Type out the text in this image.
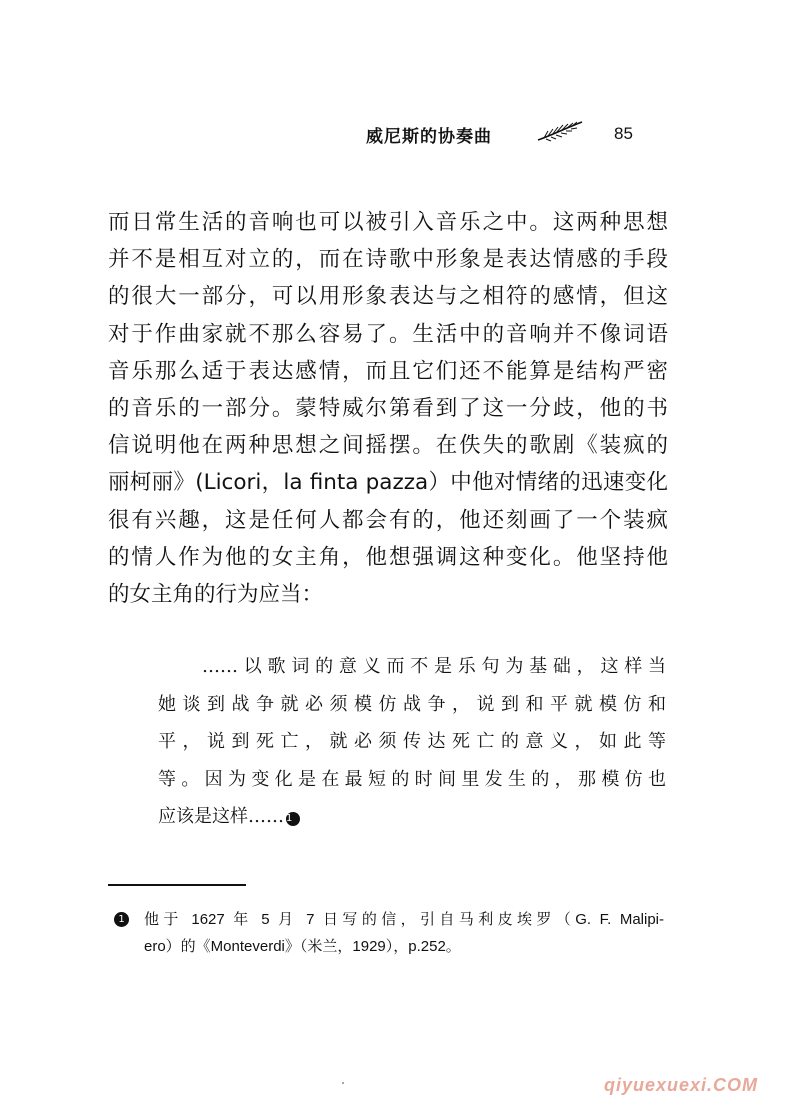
威尼斯的协奏曲	85
而日常生活的音响也可以被引入音乐之中。这两种思想
并不是相互对立的，而在诗歌中形象是表达情感的手段
的很大一部分，可以用形象表达与之相符的感情，但这
对于作曲家就不那么容易了。生活中的音响并不像词语
音乐那么适于表达感情，而且它们还不能算是结构严密
的音乐的一部分。蒙特威尔第看到了这一分歧，他的书
信说明他在两种思想之间摇摆。在佚失的歌剧《装疯的
丽柯丽》(Licori，la finta pazza）中他对情绪的迅速变化
很有兴趣，这是任何人都会有的，他还刻画了一个装疯
的情人作为他的女主角，他想强调这种变化。他坚持他
的女主角的行为应当：
……以歌词的意义而不是乐句为基础，这样当
她谈到战争就必须模仿战争，说到和平就模仿和
平，说到死亡，就必须传达死亡的意义，如此等
等。因为变化是在最短的时间里发生的，那模仿也
应该是这样…… 1
1 他于 1627 年 5 月 7 日写的信，引自马利皮埃罗（G. F. Malipi-
ero）的《Monteverdi》（米兰，1929），p.252。
qiyuexuexi.COM
